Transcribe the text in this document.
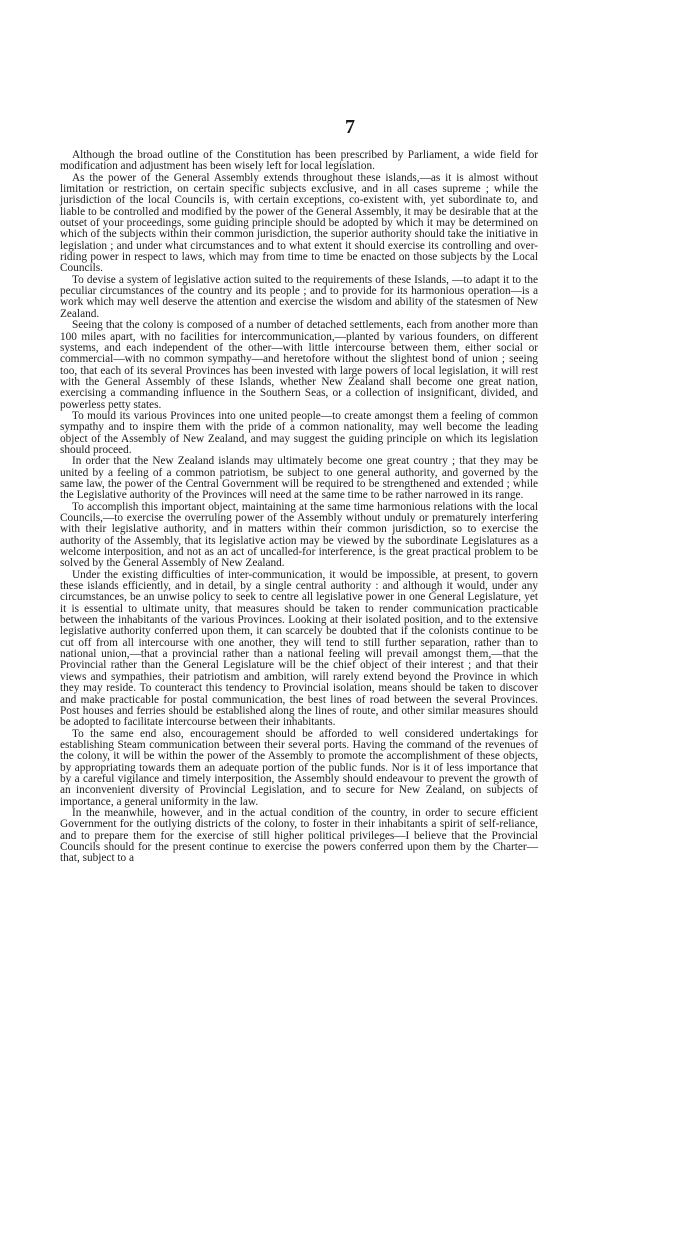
7

Although the broad outline of the Constitution has been prescribed by Parliament, a wide field for modification and adjustment has been wisely left for local legislation.

As the power of the General Assembly extends throughout these islands,—as it is almost without limitation or restriction, on certain specific subjects exclusive, and in all cases supreme ; while the jurisdiction of the local Councils is, with certain exceptions, co-existent with, yet subordinate to, and liable to be controlled and modified by the power of the General Assembly, it may be desirable that at the outset of your proceedings, some guiding principle should be adopted by which it may be determined on which of the subjects within their common jurisdiction, the superior authority should take the initiative in legislation ; and under what circumstances and to what extent it should exercise its controlling and over-riding power in respect to laws, which may from time to time be enacted on those subjects by the Local Councils.

To devise a system of legislative action suited to the requirements of these Islands, —to adapt it to the peculiar circumstances of the country and its people ; and to provide for its harmonious operation—is a work which may well deserve the attention and exercise the wisdom and ability of the statesmen of New Zealand.

Seeing that the colony is composed of a number of detached settlements, each from another more than 100 miles apart, with no facilities for intercommunication,—planted by various founders, on different systems, and each independent of the other—with little intercourse between them, either social or commercial—with no common sympathy—and heretofore without the slightest bond of union ; seeing too, that each of its several Provinces has been invested with large powers of local legislation, it will rest with the General Assembly of these Islands, whether New Zealand shall become one great nation, exercising a commanding influence in the Southern Seas, or a collection of insignificant, divided, and powerless petty states.

To mould its various Provinces into one united people—to create amongst them a feeling of common sympathy and to inspire them with the pride of a common nationality, may well become the leading object of the Assembly of New Zealand, and may suggest the guiding principle on which its legislation should proceed.

In order that the New Zealand islands may ultimately become one great country ; that they may be united by a feeling of a common patriotism, be subject to one general authority, and governed by the same law, the power of the Central Government will be required to be strengthened and extended ; while the Legislative authority of the Provinces will need at the same time to be rather narrowed in its range.

To accomplish this important object, maintaining at the same time harmonious relations with the local Councils,—to exercise the overruling power of the Assembly without unduly or prematurely interfering with their legislative authority, and in matters within their common jurisdiction, so to exercise the authority of the Assembly, that its legislative action may be viewed by the subordinate Legislatures as a welcome interposition, and not as an act of uncalled-for interference, is the great practical problem to be solved by the General Assembly of New Zealand.

Under the existing difficulties of inter-communication, it would be impossible, at present, to govern these islands efficiently, and in detail, by a single central authority : and although it would, under any circumstances, be an unwise policy to seek to centre all legislative power in one General Legislature, yet it is essential to ultimate unity, that measures should be taken to render communication practicable between the inhabitants of the various Provinces. Looking at their isolated position, and to the extensive legislative authority conferred upon them, it can scarcely be doubted that if the colonists continue to be cut off from all intercourse with one another, they will tend to still further separation, rather than to national union,—that a provincial rather than a national feeling will prevail amongst them,—that the Provincial rather than the General Legislature will be the chief object of their interest ; and that their views and sympathies, their patriotism and ambition, will rarely extend beyond the Province in which they may reside. To counteract this tendency to Provincial isolation, means should be taken to discover and make practicable for postal communication, the best lines of road between the several Provinces. Post houses and ferries should be established along the lines of route, and other similar measures should be adopted to facilitate intercourse between their inhabitants.

To the same end also, encouragement should be afforded to well considered undertakings for establishing Steam communication between their several ports. Having the command of the revenues of the colony, it will be within the power of the Assembly to promote the accomplishment of these objects, by appropriating towards them an adequate portion of the public funds. Nor is it of less importance that by a careful vigilance and timely interposition, the Assembly should endeavour to prevent the growth of an inconvenient diversity of Provincial Legislation, and to secure for New Zealand, on subjects of importance, a general uniformity in the law.

In the meanwhile, however, and in the actual condition of the country, in order to secure efficient Government for the outlying districts of the colony, to foster in their inhabitants a spirit of self-reliance, and to prepare them for the exercise of still higher political privileges—I believe that the Provincial Councils should for the present continue to exercise the powers conferred upon them by the Charter—that, subject to a
